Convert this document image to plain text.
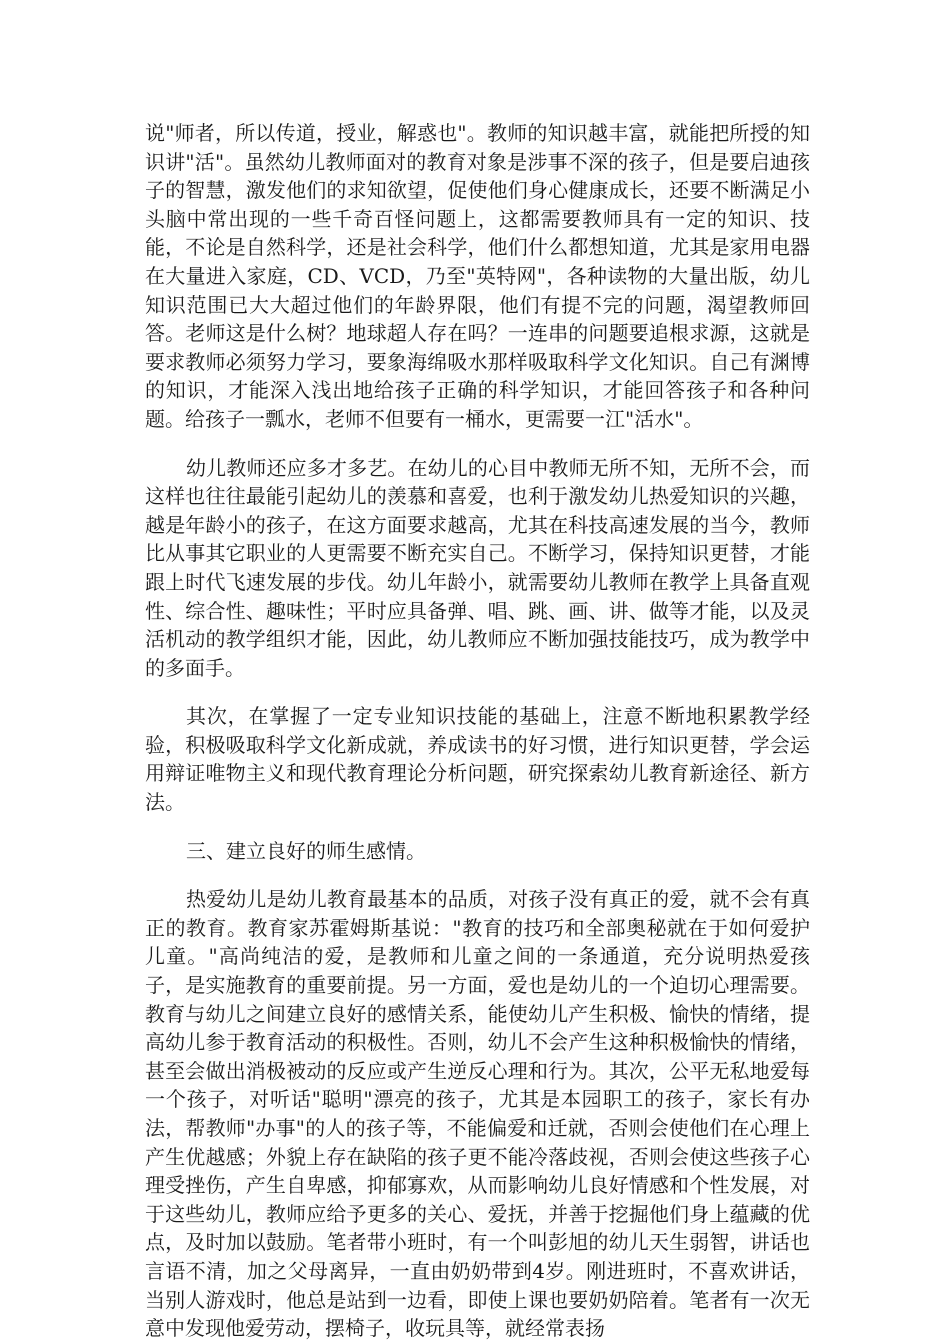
说"师者，所以传道，授业，解惑也"。教师的知识越丰富，就能把所授的知识讲"活"。虽然幼儿教师面对的教育对象是涉事不深的孩子，但是要启迪孩子的智慧，激发他们的求知欲望，促使他们身心健康成长，还要不断满足小头脑中常出现的一些千奇百怪问题上，这都需要教师具有一定的知识、技能，不论是自然科学，还是社会科学，他们什么都想知道，尤其是家用电器在大量进入家庭，CD、VCD，乃至"英特网"，各种读物的大量出版，幼儿知识范围已大大超过他们的年龄界限，他们有提不完的问题，渴望教师回答。老师这是什么树？地球超人存在吗？一连串的问题要追根求源，这就是要求教师必须努力学习，要象海绵吸水那样吸取科学文化知识。自己有渊博的知识，才能深入浅出地给孩子正确的科学知识，才能回答孩子和各种问题。给孩子一瓢水，老师不但要有一桶水，更需要一江"活水"。

幼儿教师还应多才多艺。在幼儿的心目中教师无所不知，无所不会，而这样也往往最能引起幼儿的羡慕和喜爱，也利于激发幼儿热爱知识的兴趣，越是年龄小的孩子，在这方面要求越高，尤其在科技高速发展的当今，教师比从事其它职业的人更需要不断充实自己。不断学习，保持知识更替，才能跟上时代飞速发展的步伐。幼儿年龄小，就需要幼儿教师在教学上具备直观性、综合性、趣味性；平时应具备弹、唱、跳、画、讲、做等才能，以及灵活机动的教学组织才能，因此，幼儿教师应不断加强技能技巧，成为教学中的多面手。

其次，在掌握了一定专业知识技能的基础上，注意不断地积累教学经验，积极吸取科学文化新成就，养成读书的好习惯，进行知识更替，学会运用辩证唯物主义和现代教育理论分析问题，研究探索幼儿教育新途径、新方法。

三、建立良好的师生感情。

热爱幼儿是幼儿教育最基本的品质，对孩子没有真正的爱，就不会有真正的教育。教育家苏霍姆斯基说："教育的技巧和全部奥秘就在于如何爱护儿童。"高尚纯洁的爱，是教师和儿童之间的一条通道，充分说明热爱孩子，是实施教育的重要前提。另一方面，爱也是幼儿的一个迫切心理需要。教育与幼儿之间建立良好的感情关系，能使幼儿产生积极、愉快的情绪，提高幼儿参于教育活动的积极性。否则，幼儿不会产生这种积极愉快的情绪，甚至会做出消极被动的反应或产生逆反心理和行为。其次，公平无私地爱每一个孩子，对听话"聪明"漂亮的孩子，尤其是本园职工的孩子，家长有办法，帮教师"办事"的人的孩子等，不能偏爱和迁就，否则会使他们在心理上产生优越感；外貌上存在缺陷的孩子更不能冷落歧视，否则会使这些孩子心理受挫伤，产生自卑感，抑郁寡欢，从而影响幼儿良好情感和个性发展，对于这些幼儿，教师应给予更多的关心、爱抚，并善于挖掘他们身上蕴藏的优点，及时加以鼓励。笔者带小班时，有一个叫彭旭的幼儿天生弱智，讲话也言语不清，加之父母离异，一直由奶奶带到4岁。刚进班时，不喜欢讲话，当别人游戏时，他总是站到一边看，即使上课也要奶奶陪着。笔者有一次无意中发现他爱劳动，摆椅子，收玩具等，就经常表扬
